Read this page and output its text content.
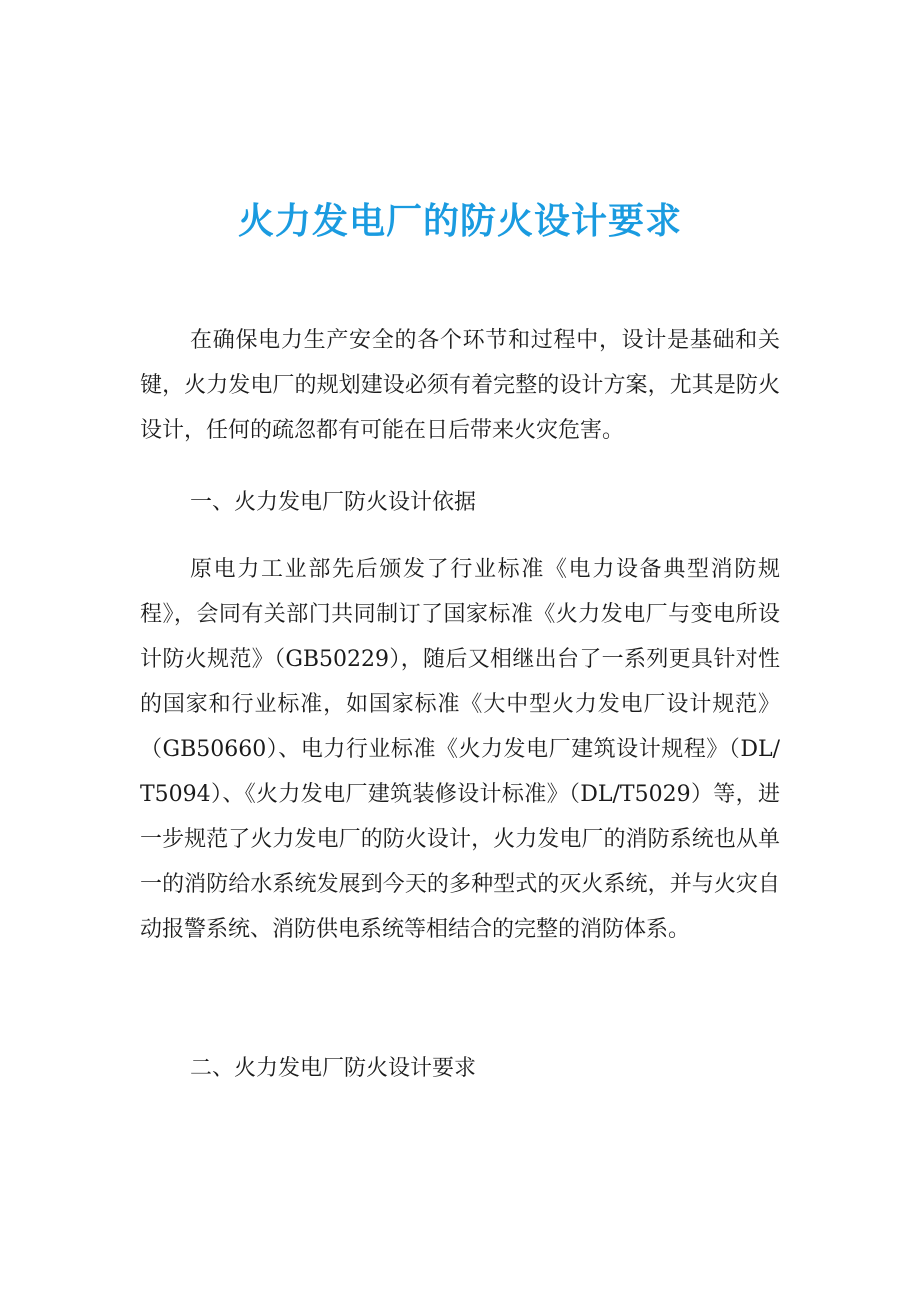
火力发电厂的防火设计要求

在确保电力生产安全的各个环节和过程中，设计是基础和关键，火力发电厂的规划建设必须有着完整的设计方案，尤其是防火设计，任何的疏忽都有可能在日后带来火灾危害。

一、火力发电厂防火设计依据

原电力工业部先后颁发了行业标准《电力设备典型消防规程》，会同有关部门共同制订了国家标准《火力发电厂与变电所设计防火规范》（GB50229），随后又相继出台了一系列更具针对性的国家和行业标准，如国家标准《大中型火力发电厂设计规范》（GB50660）、电力行业标准《火力发电厂建筑设计规程》（DL/T5094）、《火力发电厂建筑装修设计标准》（DL/T5029）等，进一步规范了火力发电厂的防火设计，火力发电厂的消防系统也从单一的消防给水系统发展到今天的多种型式的灭火系统，并与火灾自动报警系统、消防供电系统等相结合的完整的消防体系。

二、火力发电厂防火设计要求
